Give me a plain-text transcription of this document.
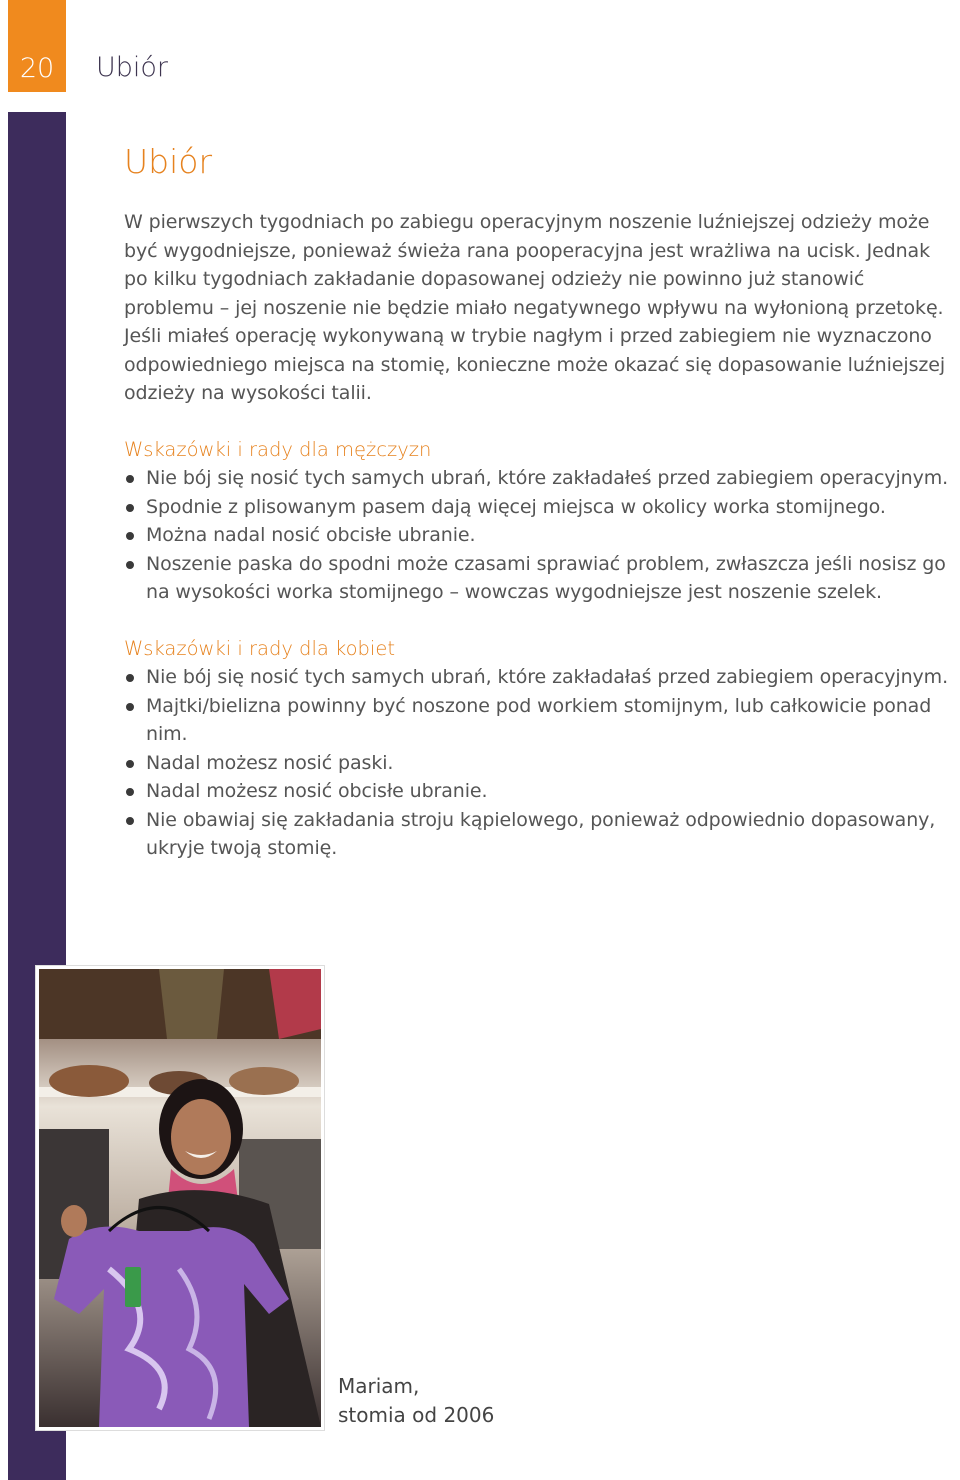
20	Ubiór
Ubiór

W pierwszych tygodniach po zabiegu operacyjnym noszenie luźniejszej odzieży może być wygodniejsze, ponieważ świeża rana pooperacyjna jest wrażliwa na ucisk. Jednak po kilku tygodniach zakładanie dopasowanej odzieży nie powinno już stanowić problemu – jej noszenie nie będzie miało negatywnego wpływu na wyłonioną przetokę. Jeśli miałeś operację wykonywaną w trybie nagłym i przed zabiegiem nie wyznaczono odpowiedniego miejsca na stomię, konieczne może okazać się dopasowanie luźniejszej odzieży na wysokości talii.

Wskazówki i rady dla mężczyzn
Nie bój się nosić tych samych ubrań, które zakładałeś przed zabiegiem operacyjnym.
Spodnie z plisowanym pasem dają więcej miejsca w okolicy worka stomijnego.
Można nadal nosić obcisłe ubranie.
Noszenie paska do spodni może czasami sprawiać problem, zwłaszcza jeśli nosisz go na wysokości worka stomijnego – wowczas wygodniejsze jest noszenie szelek.
Wskazówki i rady dla kobiet
Nie bój się nosić tych samych ubrań, które zakładałaś przed zabiegiem operacyjnym.
Majtki/bielizna powinny być noszone pod workiem stomijnym, lub całkowicie ponad nim.
Nadal możesz nosić paski.
Nadal możesz nosić obcisłe ubranie.
Nie obawiaj się zakładania stroju kąpielowego, ponieważ odpowiednio dopasowany, ukryje twoją stomię.
Mariam,
stomia od 2006
